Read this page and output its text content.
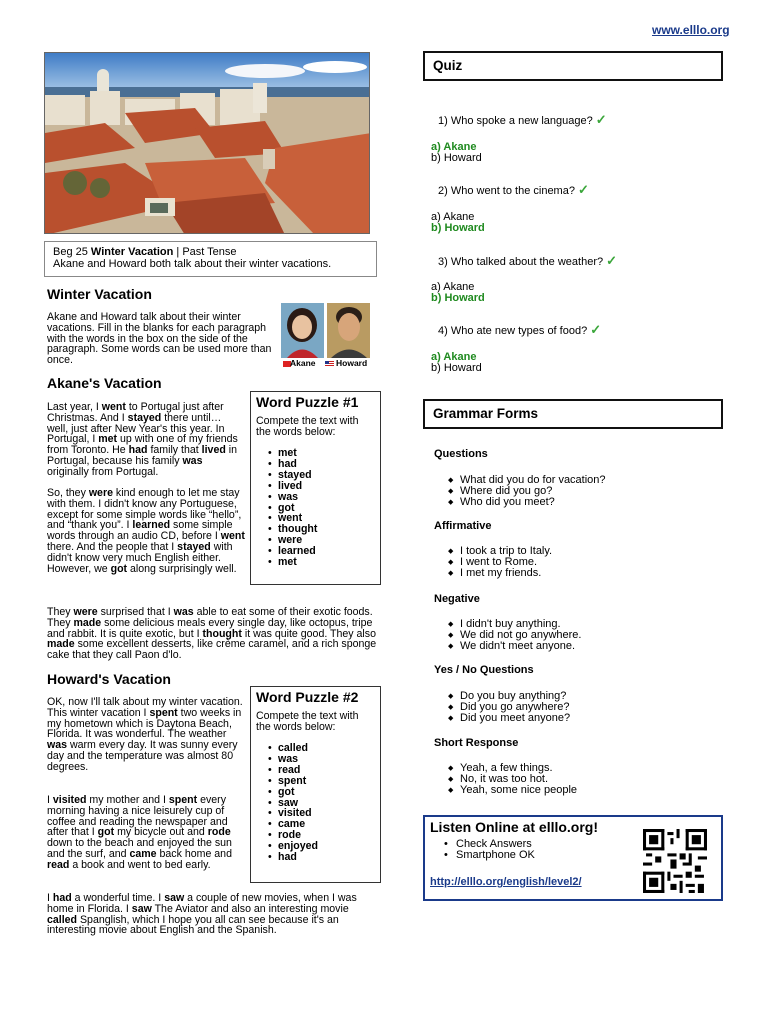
www.elllo.org
Beg 25 Winter Vacation | Past Tense
Akane and Howard both talk about their winter vacations.
Winter Vacation
Akane and Howard talk about their winter vacations. Fill in the blanks for each paragraph with the words in the box on the side of the paragraph. Some words can be used more than once.	Akane Howard
Akane's Vacation
Last year, I went to Portugal just after Christmas. And I stayed there until… well, just after New Year's this year. In Portugal, I met up with one of my friends from Toronto. He had family that lived in Portugal, because his family was originally from Portugal.
So, they were kind enough to let me stay with them. I didn't know any Portuguese, except for some simple words like “hello”, and “thank you”. I learned some simple words through an audio CD, before I went there. And the people that I stayed with didn't know very much English either. However, we got along surprisingly well.
They were surprised that I was able to eat some of their exotic foods. They made some delicious meals every single day, like octopus, tripe and rabbit. It is quite exotic, but I thought it was quite good. They also made some excellent desserts, like crème caramel, and a rich sponge cake that they call Paon d'lo.
Word Puzzle #1
Compete the text with the words below:
• met
• had
• stayed
• lived
• was
• got
• went
• thought
• were
• learned
• met
Howard's Vacation
OK, now I'll talk about my winter vacation. This winter vacation I spent two weeks in my hometown which is Daytona Beach, Florida. It was wonderful. The weather was warm every day. It was sunny every day and the temperature was almost 80 degrees.
I visited my mother and I spent every morning having a nice leisurely cup of coffee and reading the newspaper and after that I got my bicycle out and rode down to the beach and enjoyed the sun and the surf, and came back home and read a book and went to bed early.
I had a wonderful time. I saw a couple of new movies, when I was home in Florida. I saw The Aviator and also an interesting movie called Spanglish, which I hope you all can see because it's an interesting movie about English and the Spanish.
Word Puzzle #2
Compete the text with the words below:
• called
• was
• read
• spent
• got
• saw
• visited
• came
• rode
• enjoyed
• had
Quiz
1) Who spoke a new language? ✓
a) Akane
b) Howard
2) Who went to the cinema? ✓
a) Akane
b) Howard
3) Who talked about the weather? ✓
a) Akane
b) Howard
4) Who ate new types of food? ✓
a) Akane
b) Howard
Grammar Forms
Questions
◆ What did you do for vacation?
◆ Where did you go?
◆ Who did you meet?
Affirmative
◆ I took a trip to Italy.
◆ I went to Rome.
◆ I met my friends.
Negative
◆ I didn't buy anything.
◆ We did not go anywhere.
◆ We didn't meet anyone.
Yes / No Questions
◆ Do you buy anything?
◆ Did you go anywhere?
◆ Did you meet anyone?
Short Response
◆ Yeah, a few things.
◆ No, it was too hot.
◆ Yeah, some nice people
Listen Online at elllo.org!
• Check Answers
• Smartphone OK
http://elllo.org/english/level2/
